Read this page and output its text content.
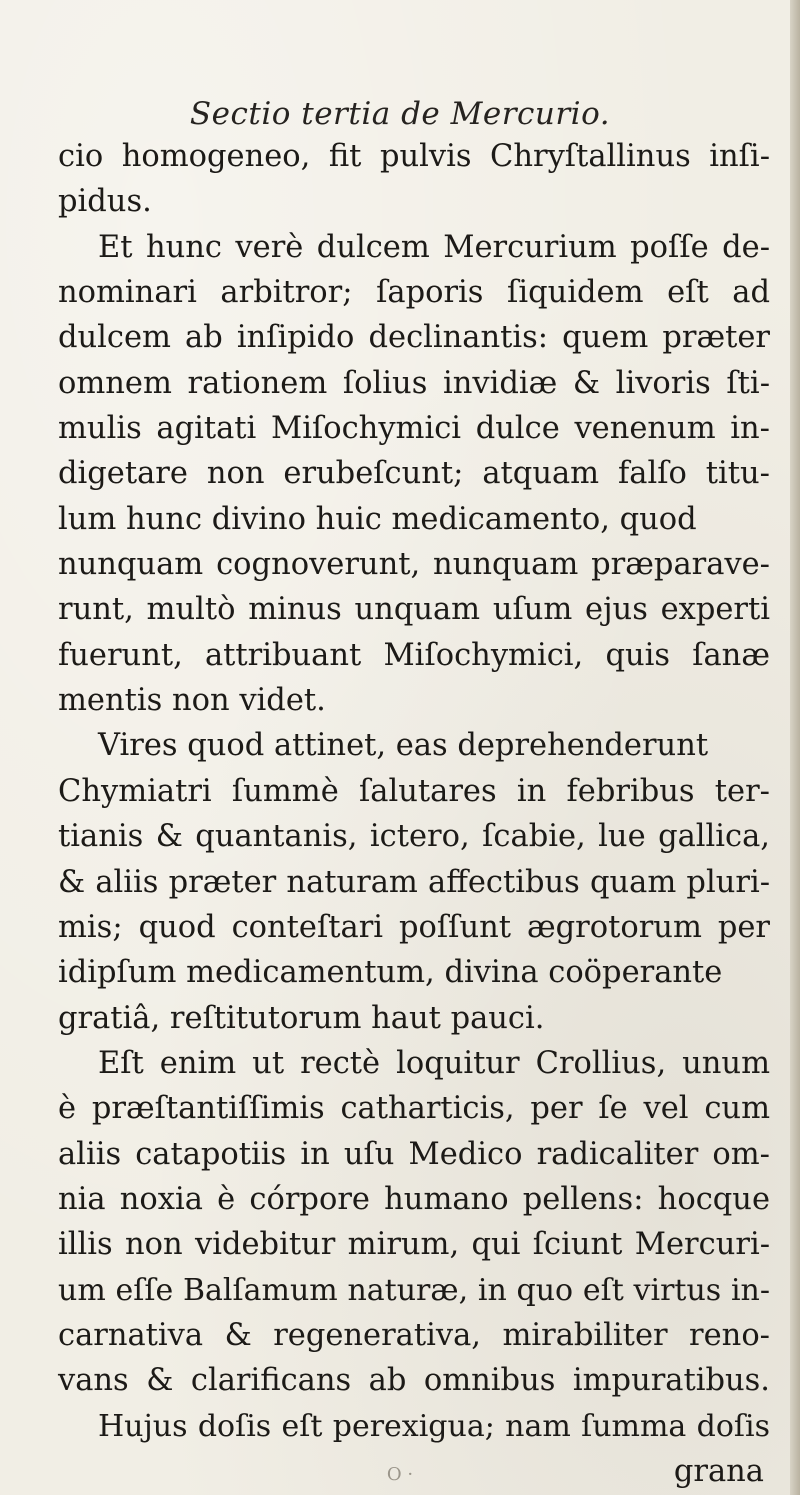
Sectio tertia de Mercurio.
cio homogeneo, fit pulvis Chryſtallinus inſi-
pidus.
Et hunc verè dulcem Mercurium poſſe de-
nominari arbitror; ſaporis ſiquidem eſt ad
dulcem ab inſipido declinantis: quem præter
omnem rationem ſolius invidiæ & livoris ſti-
mulis agitati Miſochymici dulce venenum in-
digetare non erubeſcunt; atquam falſo titu-
lum hunc divino huic medicamento, quod
nunquam cognoverunt, nunquam præparave-
runt, multò minus unquam uſum ejus experti
fuerunt, attribuant Miſochymici, quis ſanæ
mentis non videt.
Vires quod attinet, eas deprehenderunt
Chymiatri ſummè ſalutares in febribus ter-
tianis & quantanis, ictero, ſcabie, lue gallica,
& aliis præter naturam affectibus quam pluri-
mis; quod conteſtari poſſunt ægrotorum per
idipſum medicamentum, divina coöperante
gratiâ, reſtitutorum haut pauci.
Eſt enim ut rectè loquitur Crollius, unum
è præſtantiſſimis catharticis, per ſe vel cum
aliis catapotiis in uſu Medico radicaliter om-
nia noxia è córpore humano pellens: hocque
illis non videbitur mirum, qui ſciunt Mercuri-
um eſſe Balſamum naturæ, in quo eſt virtus in-
carnativa & regenerativa, mirabiliter reno-
vans & clarificans ab omnibus impuratibus.
Hujus doſis eſt perexigua; nam ſumma doſis
grana
O ·
